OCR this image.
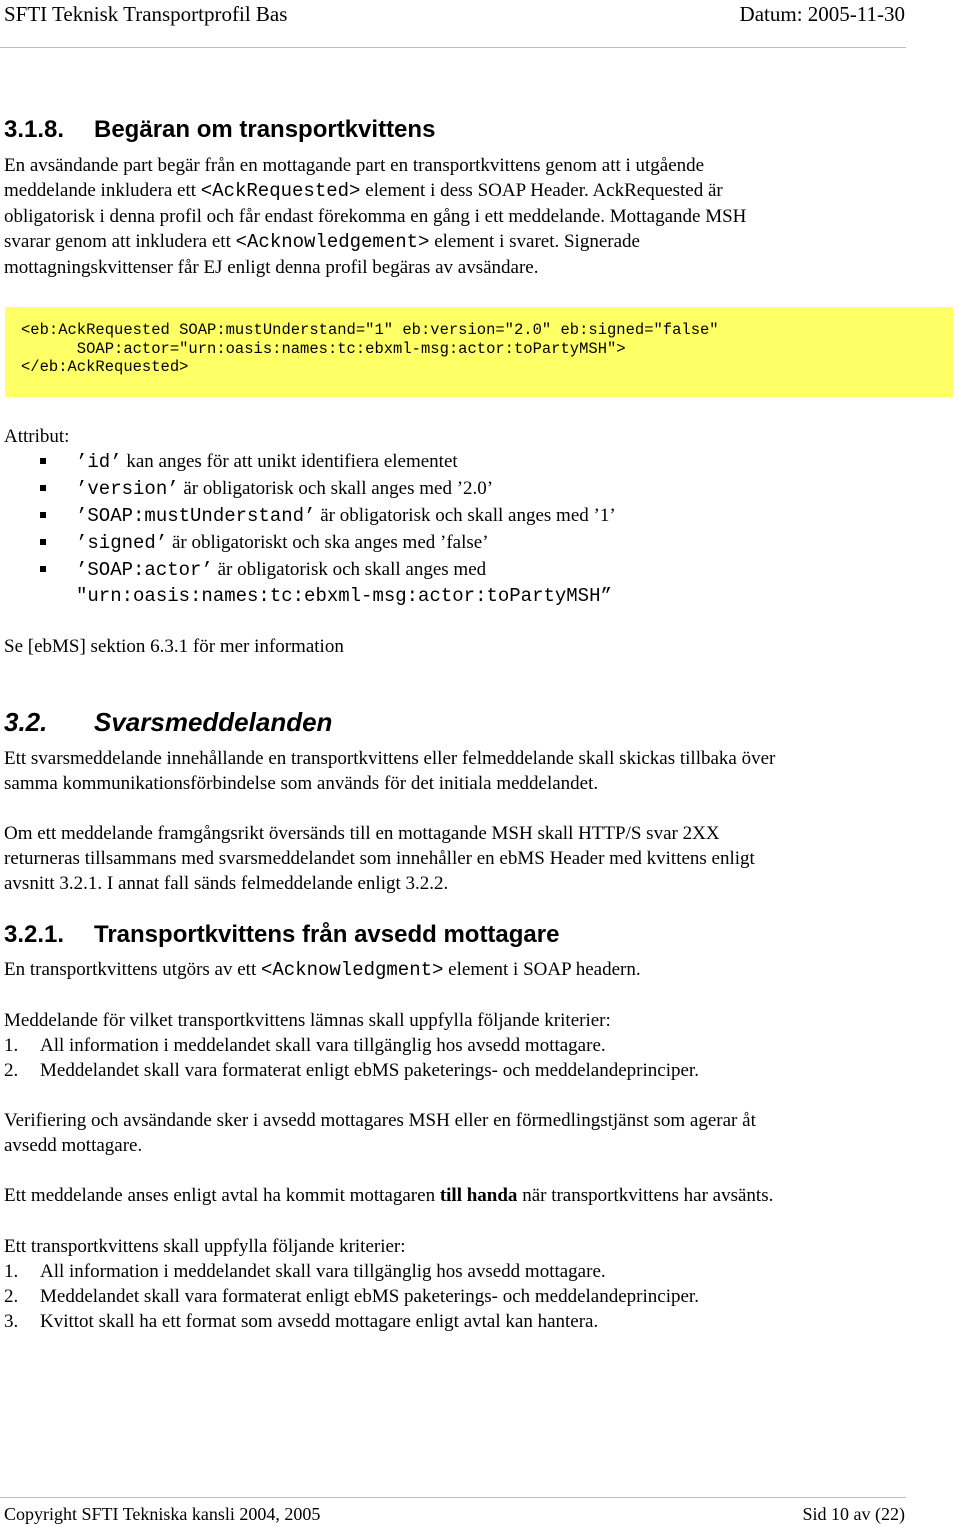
SFTI Teknisk Transportprofil Bas	Datum: 2005-11-30
3.1.8. Begäran om transportkvittens
En avsändande part begär från en mottagande part en transportkvittens genom att i utgående
meddelande inkludera ett <AckRequested> element i dess SOAP Header. AckRequested är
obligatorisk i denna profil och får endast förekomma en gång i ett meddelande. Mottagande MSH
svarar genom att inkludera ett <Acknowledgement> element i svaret. Signerade
mottagningskvittenser får EJ enligt denna profil begäras av avsändare.
<eb:AckRequested SOAP:mustUnderstand="1" eb:version="2.0" eb:signed="false"
SOAP:actor="urn:oasis:names:tc:ebxml-msg:actor:toPartyMSH">
</eb:AckRequested>
Attribut:
’id’ kan anges för att unikt identifiera elementet
’version’ är obligatorisk och skall anges med ’2.0’
’SOAP:mustUnderstand’ är obligatorisk och skall anges med ’1’
’signed’ är obligatoriskt och ska anges med ’false’
’SOAP:actor’ är obligatorisk och skall anges med
"urn:oasis:names:tc:ebxml-msg:actor:toPartyMSH”
Se [ebMS] sektion 6.3.1 för mer information
3.2. Svarsmeddelanden
Ett svarsmeddelande innehållande en transportkvittens eller felmeddelande skall skickas tillbaka över
samma kommunikationsförbindelse som används för det initiala meddelandet.
Om ett meddelande framgångsrikt översänds till en mottagande MSH skall HTTP/S svar 2XX
returneras tillsammans med svarsmeddelandet som innehåller en ebMS Header med kvittens enligt
avsnitt 3.2.1. I annat fall sänds felmeddelande enligt 3.2.2.
3.2.1. Transportkvittens från avsedd mottagare
En transportkvittens utgörs av ett <Acknowledgment> element i SOAP headern.
Meddelande för vilket transportkvittens lämnas skall uppfylla följande kriterier:
1. All information i meddelandet skall vara tillgänglig hos avsedd mottagare.
2. Meddelandet skall vara formaterat enligt ebMS paketerings- och meddelandeprinciper.
Verifiering och avsändande sker i avsedd mottagares MSH eller en förmedlingstjänst som agerar åt
avsedd mottagare.
Ett meddelande anses enligt avtal ha kommit mottagaren till handa när transportkvittens har avsänts.
Ett transportkvittens skall uppfylla följande kriterier:
1. All information i meddelandet skall vara tillgänglig hos avsedd mottagare.
2. Meddelandet skall vara formaterat enligt ebMS paketerings- och meddelandeprinciper.
3. Kvittot skall ha ett format som avsedd mottagare enligt avtal kan hantera.
Copyright SFTI Tekniska kansli 2004, 2005	Sid 10 av (22)
